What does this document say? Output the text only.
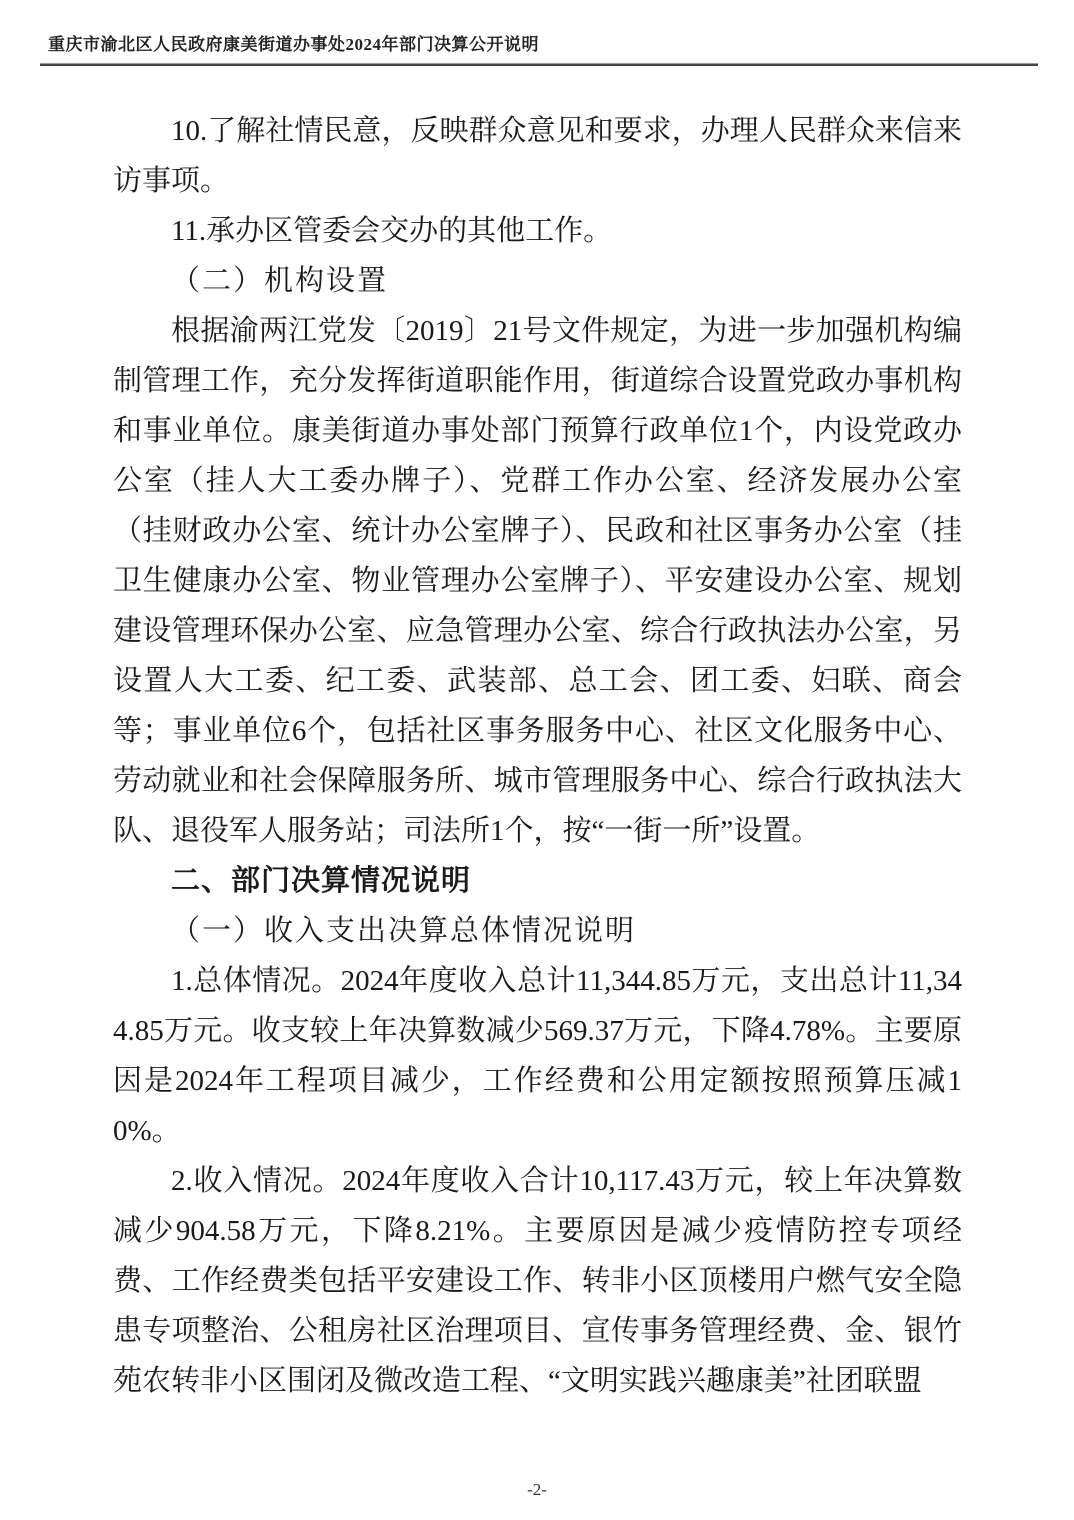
重庆市渝北区人民政府康美街道办事处2024年部门决算公开说明

10.了解社情民意，反映群众意见和要求，办理人民群众来信来访事项。

11.承办区管委会交办的其他工作。

（二）机构设置

根据渝两江党发〔2019〕21号文件规定，为进一步加强机构编制管理工作，充分发挥街道职能作用，街道综合设置党政办事机构和事业单位。康美街道办事处部门预算行政单位1个，内设党政办公室（挂人大工委办牌子）、党群工作办公室、经济发展办公室（挂财政办公室、统计办公室牌子）、民政和社区事务办公室（挂卫生健康办公室、物业管理办公室牌子）、平安建设办公室、规划建设管理环保办公室、应急管理办公室、综合行政执法办公室，另设置人大工委、纪工委、武装部、总工会、团工委、妇联、商会等；事业单位6个，包括社区事务服务中心、社区文化服务中心、劳动就业和社会保障服务所、城市管理服务中心、综合行政执法大队、退役军人服务站；司法所1个，按“一街一所”设置。

二、部门决算情况说明

（一）收入支出决算总体情况说明

1.总体情况。2024年度收入总计11,344.85万元，支出总计11,344.85万元。收支较上年决算数减少569.37万元，下降4.78%。主要原因是2024年工程项目减少，工作经费和公用定额按照预算压减10%。

2.收入情况。2024年度收入合计10,117.43万元，较上年决算数减少904.58万元，下降8.21%。主要原因是减少疫情防控专项经费、工作经费类包括平安建设工作、转非小区顶楼用户燃气安全隐患专项整治、公租房社区治理项目、宣传事务管理经费、金、银竹苑农转非小区围闭及微改造工程、“文明实践兴趣康美”社团联盟

-2-
